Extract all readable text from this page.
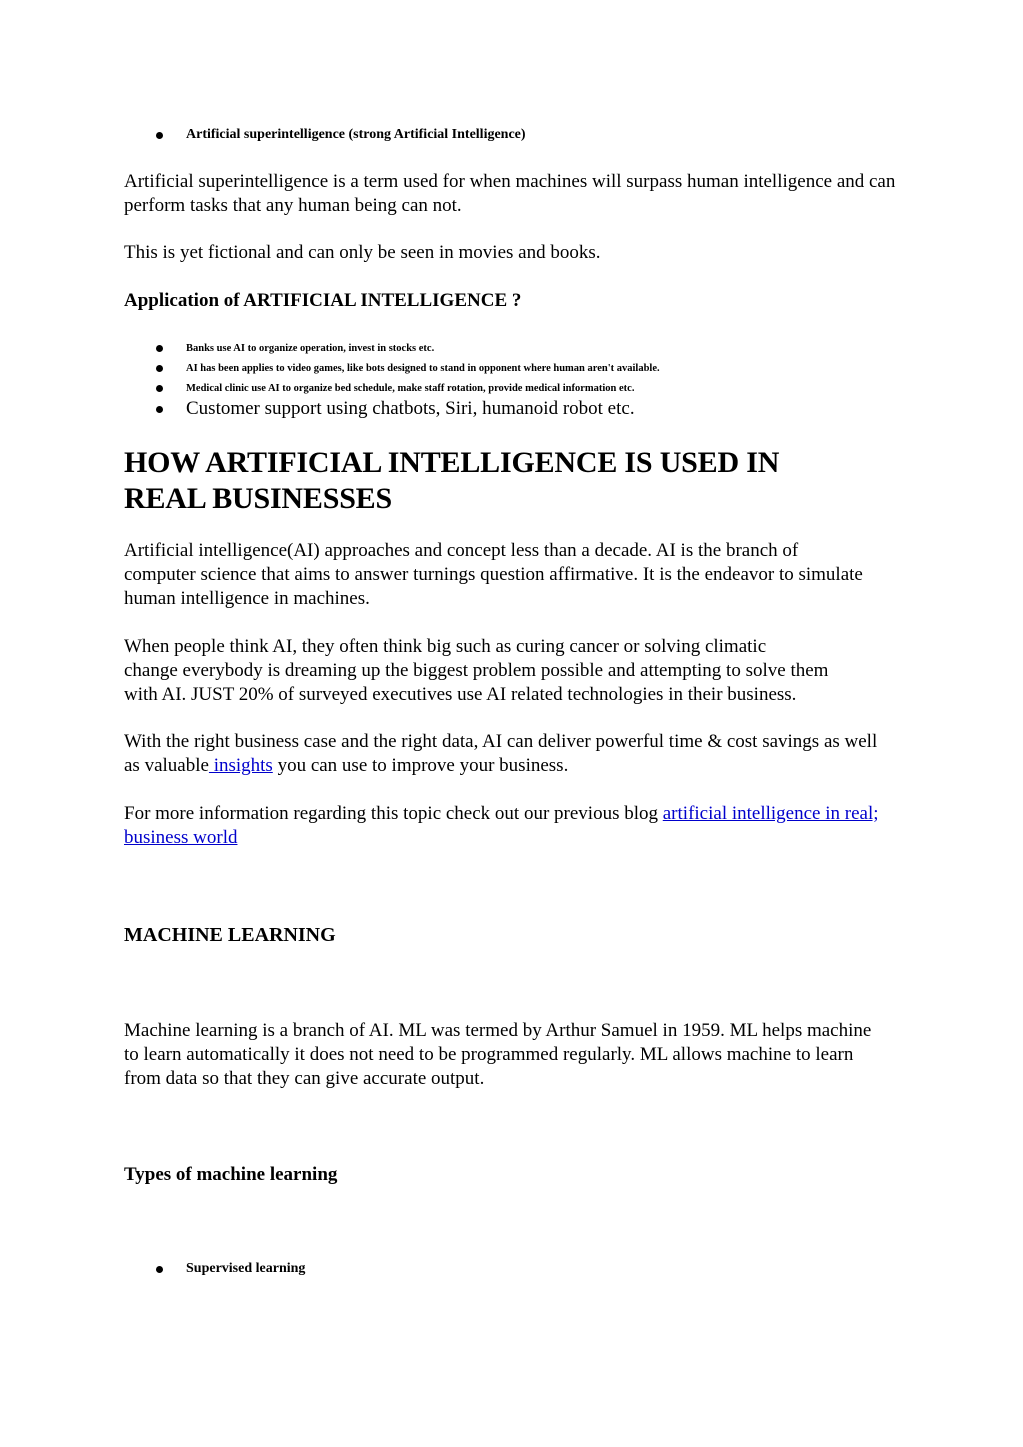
Artificial superintelligence (strong Artificial Intelligence)

Artificial superintelligence is a term used for when machines will surpass human intelligence and can perform tasks that any human being can not.

This is yet fictional and can only be seen in movies and books.

Application of ARTIFICIAL INTELLIGENCE ?
Banks use AI to organize operation, invest in stocks etc.
AI has been applies to video games, like bots designed to stand in opponent where human aren't available.
Medical clinic use AI to organize bed schedule, make staff rotation, provide medical information etc.
Customer support using chatbots, Siri, humanoid robot etc.
HOW ARTIFICIAL INTELLIGENCE IS USED IN
REAL BUSINESSES

Artificial intelligence(AI) approaches and concept less than a decade. AI is the branch of computer science that aims to answer turnings question affirmative. It is the endeavor to simulate human intelligence in machines.

When people think AI, they often think big such as curing cancer or solving climatic
change everybody is dreaming up the biggest problem possible and attempting to solve them
with AI. JUST 20% of surveyed executives use AI related technologies in their business.

With the right business case and the right data, AI can deliver powerful time & cost savings as well as valuable insights you can use to improve your business.

For more information regarding this topic check out our previous blog artificial intelligence in real; business world

MACHINE LEARNING

Machine learning is a branch of AI. ML was termed by Arthur Samuel in 1959. ML helps machine to learn automatically it does not need to be programmed regularly. ML allows machine to learn from data so that they can give accurate output.

Types of machine learning
Supervised learning
